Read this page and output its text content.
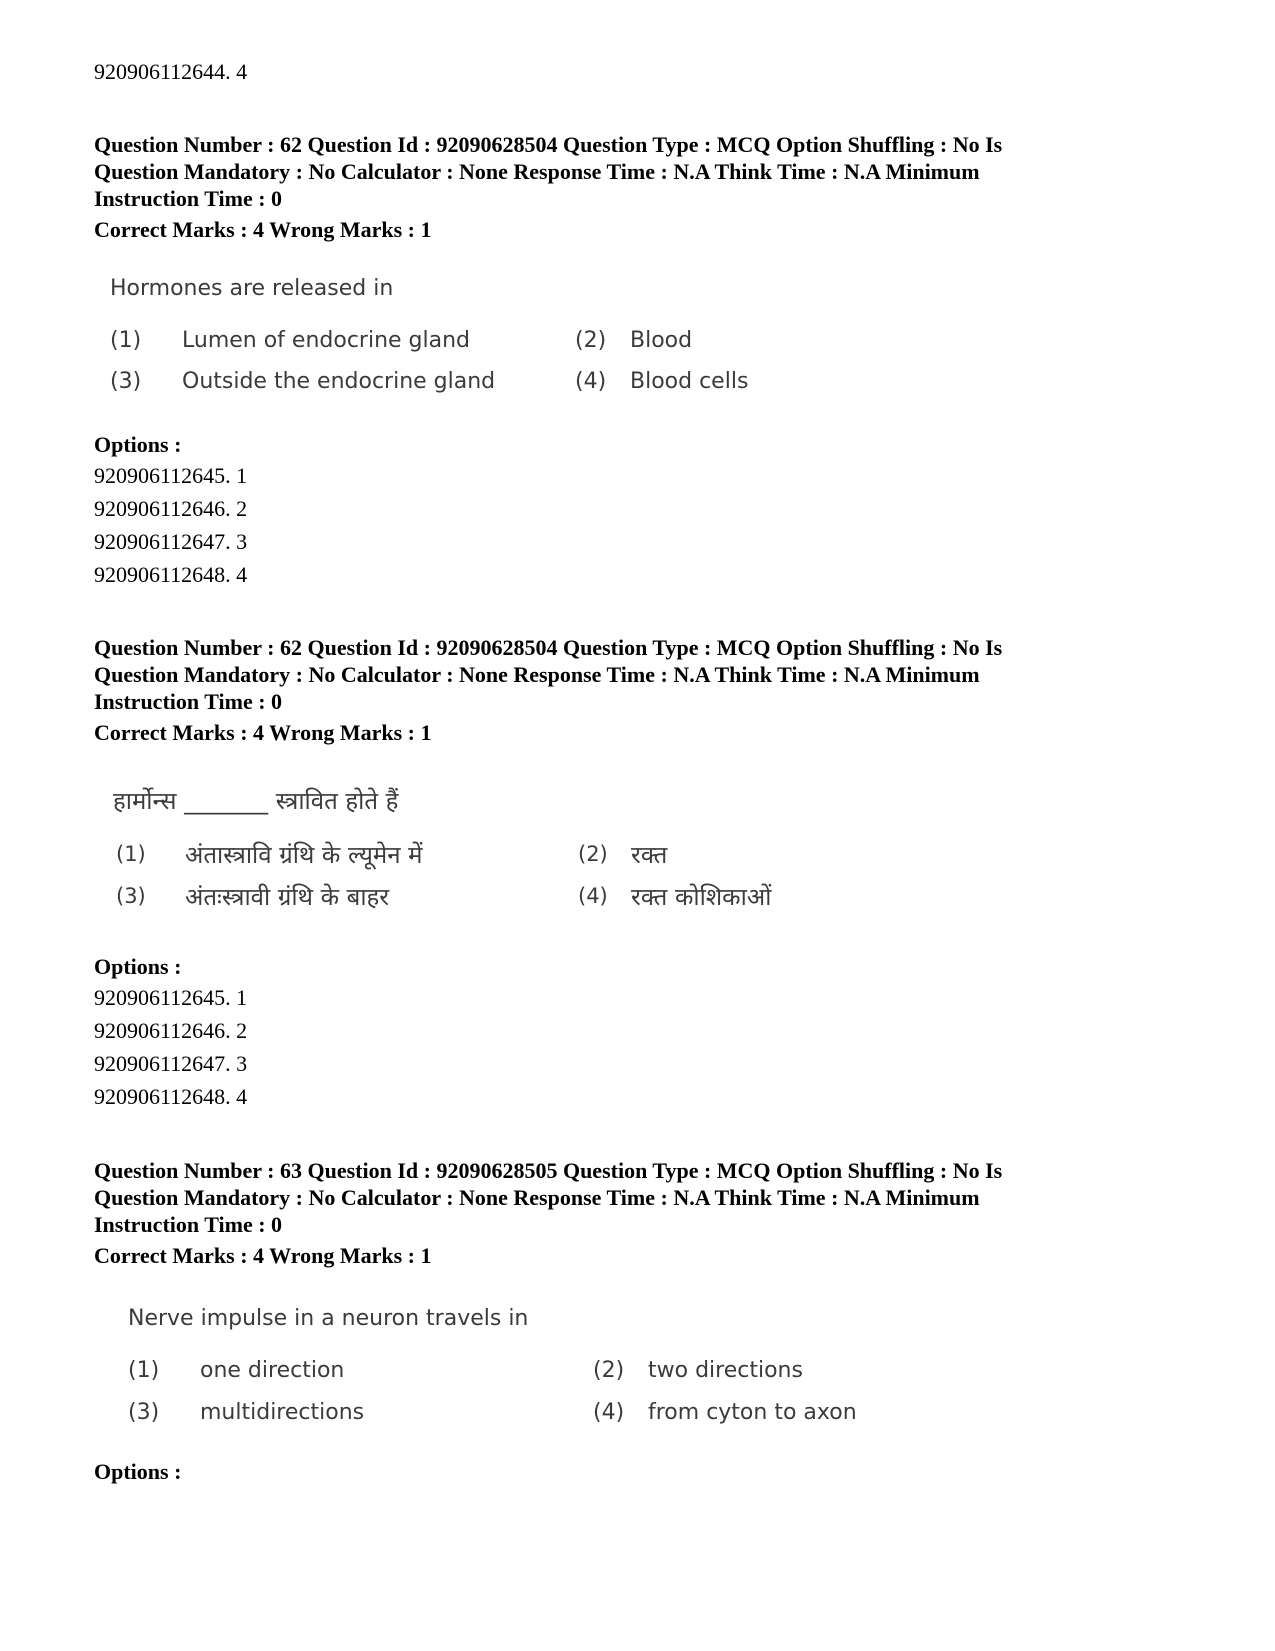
920906112644. 4
Question Number : 62 Question Id : 92090628504 Question Type : MCQ Option Shuffling : No Is
Question Mandatory : No Calculator : None Response Time : N.A Think Time : N.A Minimum
Instruction Time : 0
Correct Marks : 4 Wrong Marks : 1
Hormones are released in
(1) Lumen of endocrine gland	(2) Blood
(3) Outside the endocrine gland	(4) Blood cells
Options :
920906112645. 1
920906112646. 2
920906112647. 3
920906112648. 4
Question Number : 62 Question Id : 92090628504 Question Type : MCQ Option Shuffling : No Is
Question Mandatory : No Calculator : None Response Time : N.A Think Time : N.A Minimum
Instruction Time : 0
Correct Marks : 4 Wrong Marks : 1
हार्मोन्स _______ स्त्रावित होते हैं
(1) अंतास्त्रावि ग्रंथि के ल्यूमेन में	(2) रक्त
(3) अंतःस्त्रावी ग्रंथि के बाहर	(4) रक्त कोशिकाओं
Options :
920906112645. 1
920906112646. 2
920906112647. 3
920906112648. 4
Question Number : 63 Question Id : 92090628505 Question Type : MCQ Option Shuffling : No Is
Question Mandatory : No Calculator : None Response Time : N.A Think Time : N.A Minimum
Instruction Time : 0
Correct Marks : 4 Wrong Marks : 1
Nerve impulse in a neuron travels in
(1) one direction	(2) two directions
(3) multidirections	(4) from cyton to axon
Options :
